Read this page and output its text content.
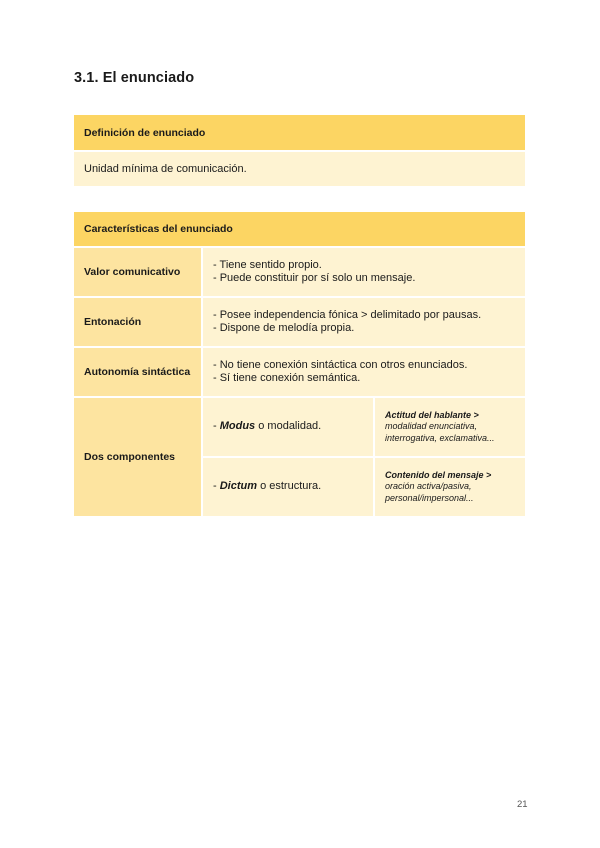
3.1. El enunciado
Definición de enunciado
Unidad mínima de comunicación.
Características del enunciado
Valor comunicativo
- Tiene sentido propio.
- Puede constituir por sí solo un mensaje.
Entonación
- Posee independencia fónica > delimitado por pausas.
- Dispone de melodía propia.
Autonomía sintáctica
- No tiene conexión sintáctica con otros enunciados.
- Sí tiene conexión semántica.
Dos componentes
- Modus o modalidad.
Actitud del hablante >
modalidad enunciativa, interrogativa, exclamativa...
- Dictum o estructura.
Contenido del mensaje >
oración activa/pasiva, personal/impersonal...
21
